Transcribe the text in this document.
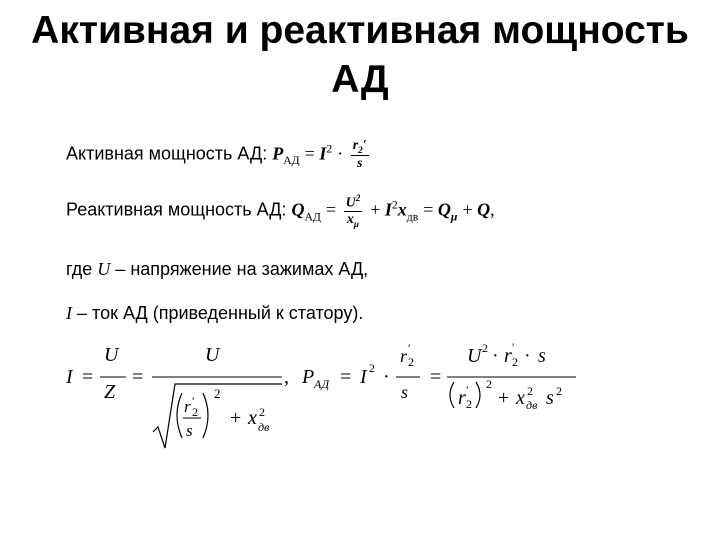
Активная и реактивная мощность
АД
Активная мощность АД: $P_{АД} = I^2 \cdot \frac{r_2'}{s}$
Реактивная мощность АД: $Q_{АД} = \frac{U^2}{x_\mu} + I^2x_{дв} = Q_\mu + Q$,
где U – напряжение на зажимах АД,
I – ток АД (приведенный к статору).
I =
U
Z
=
U
r ′
2
s
2
+ x 2
дв
, P АД = I 2 ·
r ′
2
s
=
U 2 · r ′
2 · s
r ′
2
2
+ x 2
дв s 2
